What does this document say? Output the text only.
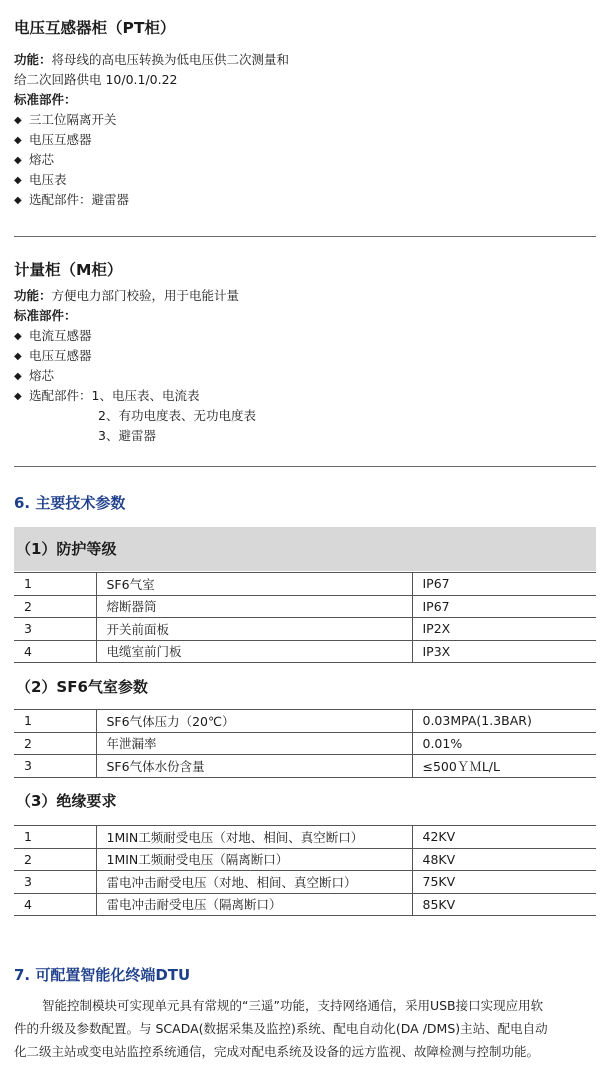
电压互感器柜（PT柜）
功能：将母线的高电压转换为低电压供二次测量和
给二次回路供电 10/0.1/0.22
标准部件：
◆ 三工位隔离开关
◆ 电压互感器
◆ 熔芯
◆ 电压表
◆ 选配部件：避雷器
计量柜（M柜）
功能：方便电力部门校验，用于电能计量
标准部件：
◆ 电流互感器
◆ 电压互感器
◆ 熔芯
◆ 选配部件：1、电压表、电流表
2、有功电度表、无功电度表
3、避雷器
6. 主要技术参数
（1）防护等级
1	SF6气室	IP67
2	熔断器筒	IP67
3	开关前面板	IP2X
4	电缆室前门板	IP3X
（2）SF6气室参数
1	SF6气体压力（20℃）	0.03MPA(1.3BAR)
2	年泄漏率	0.01%
3	SF6气体水份含量	≤500ＹＭL/L
（3）绝缘要求
1	1MIN工频耐受电压（对地、相间、真空断口）	42KV
2	1MIN工频耐受电压（隔离断口）	48KV
3	雷电冲击耐受电压（对地、相间、真空断口）	75KV
4	雷电冲击耐受电压（隔离断口）	85KV
7. 可配置智能化终端DTU
智能控制模块可实现单元具有常规的“三遥”功能，支持网络通信，采用USB接口实现应用软
件的升级及参数配置。与 SCADA(数据采集及监控)系统、配电自动化(DA /DMS)主站、配电自动
化二级主站或变电站监控系统通信，完成对配电系统及设备的远方监视、故障检测与控制功能。
